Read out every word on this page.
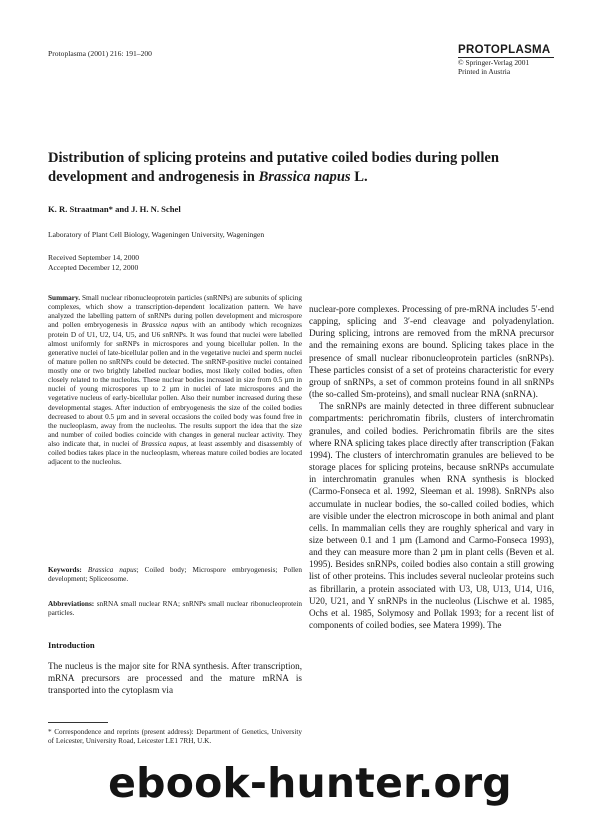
Protoplasma (2001) 216: 191–200	PROTOPLASMA
© Springer-Verlag 2001
Printed in Austria
Distribution of splicing proteins and putative coiled bodies during pollen development and androgenesis in Brassica napus L.
K. R. Straatman* and J. H. N. Schel
Laboratory of Plant Cell Biology, Wageningen University, Wageningen
Received September 14, 2000
Accepted December 12, 2000
Summary. Small nuclear ribonucleoprotein particles (snRNPs) are subunits of splicing complexes, which show a transcription-dependent localization pattern. We have analyzed the labelling pattern of snRNPs during pollen development and microspore and pollen embryogenesis in Brassica napus with an antibody which recognizes protein D of U1, U2, U4, U5, and U6 snRNPs. It was found that nuclei were labelled almost uniformly for snRNPs in microspores and young bicellular pollen. In the generative nuclei of late-bicellular pollen and in the vegetative nuclei and sperm nuclei of mature pollen no snRNPs could be detected. The snRNP-positive nuclei contained mostly one or two brightly labelled nuclear bodies, most likely coiled bodies, often closely related to the nucleolus. These nuclear bodies increased in size from 0.5 µm in nuclei of young microspores up to 2 µm in nuclei of late microspores and the vegetative nucleus of early-bicellular pollen. Also their number increased during these developmental stages. After induction of embryogenesis the size of the coiled bodies decreased to about 0.5 µm and in several occasions the coiled body was found free in the nucleoplasm, away from the nucleolus. The results support the idea that the size and number of coiled bodies coincide with changes in general nuclear activity. They also indicate that, in nuclei of Brassica napus, at least assembly and disassembly of coiled bodies takes place in the nucleoplasm, whereas mature coiled bodies are located adjacent to the nucleolus.
Keywords: Brassica napus; Coiled body; Microspore embryogenesis; Pollen development; Spliceosome.
Abbreviations: snRNA small nuclear RNA; snRNPs small nuclear ribonucleoprotein particles.
Introduction

The nucleus is the major site for RNA synthesis. After transcription, mRNA precursors are processed and the mature mRNA is transported into the cytoplasm via

* Correspondence and reprints (present address): Department of Genetics, University of Leicester, University Road, Leicester LE1 7RH, U.K.

nuclear-pore complexes. Processing of pre-mRNA includes 5′-end capping, splicing and 3′-end cleavage and polyadenylation. During splicing, introns are removed from the mRNA precursor and the remaining exons are bound. Splicing takes place in the presence of small nuclear ribonucleoprotein particles (snRNPs). These particles consist of a set of proteins characteristic for every group of snRNPs, a set of common proteins found in all snRNPs (the so-called Sm-proteins), and small nuclear RNA (snRNA).

The snRNPs are mainly detected in three different subnuclear compartments: perichromatin fibrils, clusters of interchromatin granules, and coiled bodies. Perichromatin fibrils are the sites where RNA splicing takes place directly after transcription (Fakan 1994). The clusters of interchromatin granules are believed to be storage places for splicing proteins, because snRNPs accumulate in interchromatin granules when RNA synthesis is blocked (Carmo-Fonseca et al. 1992, Sleeman et al. 1998). SnRNPs also accumulate in nuclear bodies, the so-called coiled bodies, which are visible under the electron microscope in both animal and plant cells. In mammalian cells they are roughly spherical and vary in size between 0.1 and 1 µm (Lamond and Carmo-Fonseca 1993), and they can measure more than 2 µm in plant cells (Beven et al. 1995). Besides snRNPs, coiled bodies also contain a still growing list of other proteins. This includes several nucleolar proteins such as fibrillarin, a protein associated with U3, U8, U13, U14, U16, U20, U21, and Y snRNPs in the nucleolus (Lischwe et al. 1985, Ochs et al. 1985, Solymosy and Pollak 1993; for a recent list of components of coiled bodies, see Matera 1999). The

ebook-hunter.org
